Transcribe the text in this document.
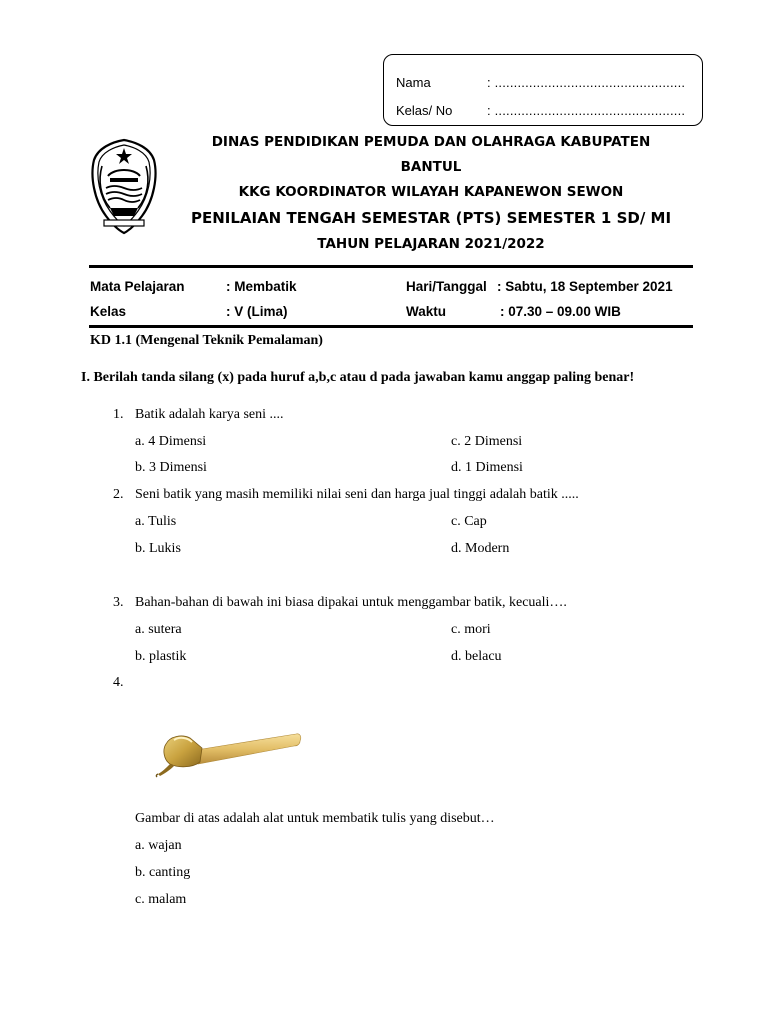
Nama	: ..................................................
Kelas/ No	: ..................................................
DINAS PENDIDIKAN PEMUDA DAN OLAHRAGA KABUPATEN
BANTUL
KKG KOORDINATOR WILAYAH KAPANEWON SEWON
PENILAIAN TENGAH SEMESTAR (PTS) SEMESTER 1 SD/ MI
TAHUN PELAJARAN 2021/2022
Mata Pelajaran	: Membatik	Hari/Tanggal : Sabtu, 18 September 2021
Kelas	: V (Lima)	Waktu	: 07.30 – 09.00 WIB
KD 1.1 (Mengenal Teknik Pemalaman)
I. Berilah tanda silang (x) pada huruf a,b,c atau d pada jawaban kamu anggap paling benar!
1. Batik adalah karya seni ....
a. 4 Dimensi	c. 2 Dimensi
b. 3 Dimensi	d. 1 Dimensi
2. Seni batik yang masih memiliki nilai seni dan harga jual tinggi adalah batik .....
a. Tulis	c. Cap
b. Lukis	d. Modern
3. Bahan-bahan di bawah ini biasa dipakai untuk menggambar batik, kecuali….
a. sutera	c. mori
b. plastik	d. belacu
4.
Gambar di atas adalah alat untuk membatik tulis yang disebut…
a. wajan
b. canting
c. malam
